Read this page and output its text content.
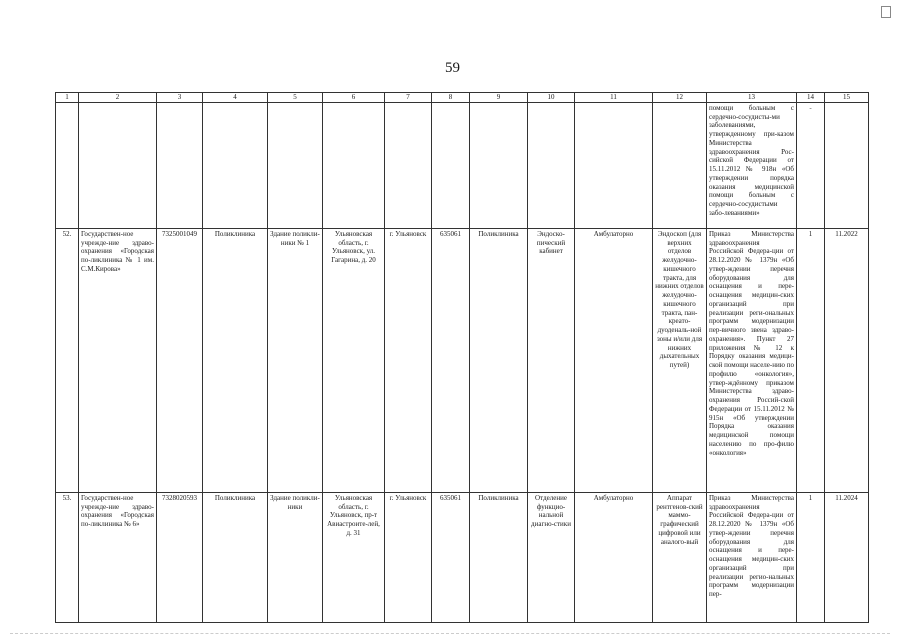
59
1	2	3	4	5	6	7	8	9	10	11	12	13	14	15
												помощи больным с сердечно-сосудисты-ми заболеваниями, утвержденному при-казом Министерства здравоохранения Рос-сийской Федерации от 15.11.2012 № 918н «Об утверждении порядка оказания медицинской помощи больным с сердечно-сосудистыми забо-леваниями»	-	
52.	Государствен-ное учрежде-ние здраво-охранения «Городская по-ликлиника № 1 им. С.М.Кирова»	7325001049	Поликлиника	Здание поликли-ники № 1	Ульяновская область, г. Ульяновск, ул. Гагарина, д. 20	г. Ульяновск	635061	Поликлиника	Эндоско-пический кабинет	Амбулаторно	Эндоскоп (для верхних отделов желудочно-кишечного тракта, для нижних отделов желудочно-кишечного тракта, пан-креато-дуоденаль-ной зоны и/или для нижних дыхательных путей)	Приказ Министерства здравоохранения Российской Федера-ции от 28.12.2020 № 1379н «Об утвер-ждении перечня оборудования для оснащения и пере-оснащения медицин-ских организаций при реализации реги-ональных программ модернизации пер-вичного звена здраво-охранения». Пункт 27 приложения № 12 к Порядку оказания медици-ской помощи населе-нию по профилю «онкология», утвер-ждённому приказом Министерства здраво-охранения Россий-ской Федерации от 15.11.2012 № 915н «Об утверждении Порядка оказания медицинской помощи населению по про-филю «онкология»	1	11.2022
53.	Государствен-ное учрежде-ние здраво-охранения «Городская по-ликлиника № 6»	7328020593	Поликлиника	Здание поликли-ники	Ульяновская область, г. Ульяновск, пр-т Авиастроите-лей, д. 31	г. Ульяновск	635061	Поликлиника	Отделение функцио-нальной диагно-стики	Амбулаторно	Аппарат рентгенов-ский маммо-графический цифровой или аналого-вый	Приказ Министерства здравоохранения Российской Федера-ции от 28.12.2020 № 1379н «Об утвер-ждении перечня оборудования для оснащения и пере-оснащения медицин-ских организаций при реализации регио-нальных программ модернизации пер-	1	11.2024
